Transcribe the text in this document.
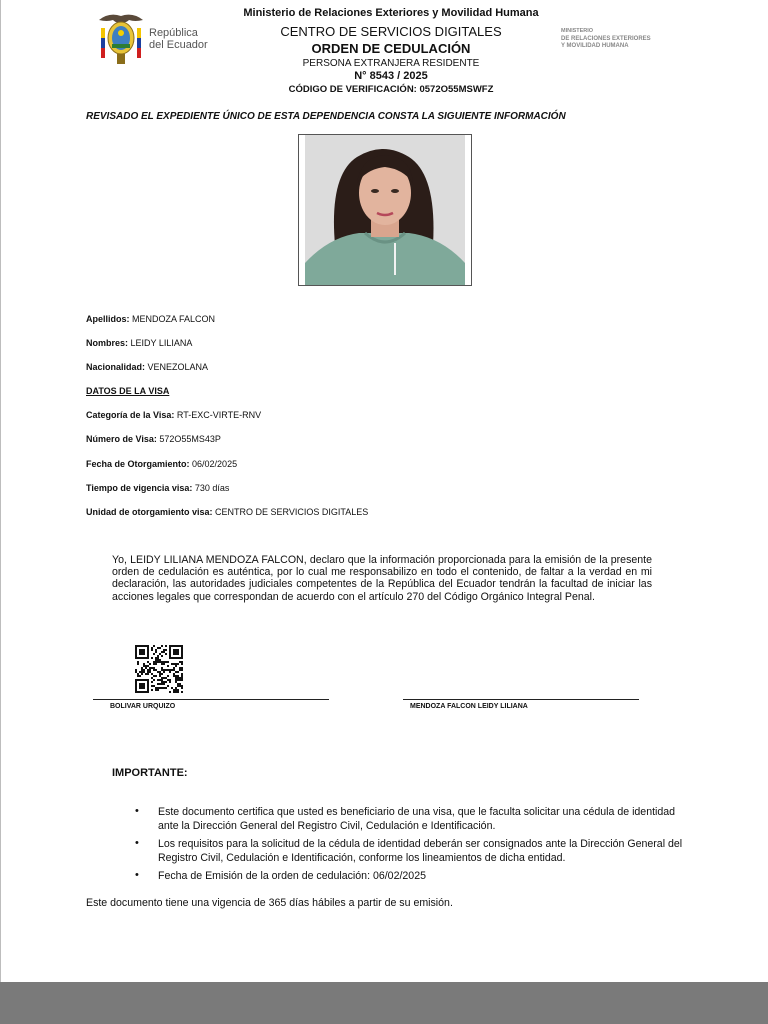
República
del Ecuador
MINISTERIO
DE RELACIONES EXTERIORES
Y MOVILIDAD HUMANA
Ministerio de Relaciones Exteriores y Movilidad Humana
CENTRO DE SERVICIOS DIGITALES
ORDEN DE CEDULACIÓN
PERSONA EXTRANJERA RESIDENTE
N° 8543 / 2025
CÓDIGO DE VERIFICACIÓN: 0572O55MSWFZ
REVISADO EL EXPEDIENTE ÚNICO DE ESTA DEPENDENCIA CONSTA LA SIGUIENTE INFORMACIÓN
Apellidos: MENDOZA FALCON
Nombres: LEIDY LILIANA
Nacionalidad: VENEZOLANA
DATOS DE LA VISA
Categoría de la Visa: RT-EXC-VIRTE-RNV
Número de Visa: 572O55MS43P
Fecha de Otorgamiento: 06/02/2025
Tiempo de vigencia visa: 730 días
Unidad de otorgamiento visa: CENTRO DE SERVICIOS DIGITALES
Yo, LEIDY LILIANA MENDOZA FALCON, declaro que la información proporcionada para la emisión de la presente orden de cedulación es auténtica, por lo cual me responsabilizo en todo el contenido, de faltar a la verdad en mi declaración, las autoridades judiciales competentes de la República del Ecuador tendrán la facultad de iniciar las acciones legales que correspondan de acuerdo con el artículo 270 del Código Orgánico Integral Penal.
BOLIVAR URQUIZO	MENDOZA FALCON LEIDY LILIANA
IMPORTANTE:
• Este documento certifica que usted es beneficiario de una visa, que le faculta solicitar una cédula de identidad ante la Dirección General del Registro Civil, Cedulación e Identificación.
• Los requisitos para la solicitud de la cédula de identidad deberán ser consignados ante la Dirección General del Registro Civil, Cedulación e Identificación, conforme los lineamientos de dicha entidad.
• Fecha de Emisión de la orden de cedulación: 06/02/2025
Este documento tiene una vigencia de 365 días hábiles a partir de su emisión.
